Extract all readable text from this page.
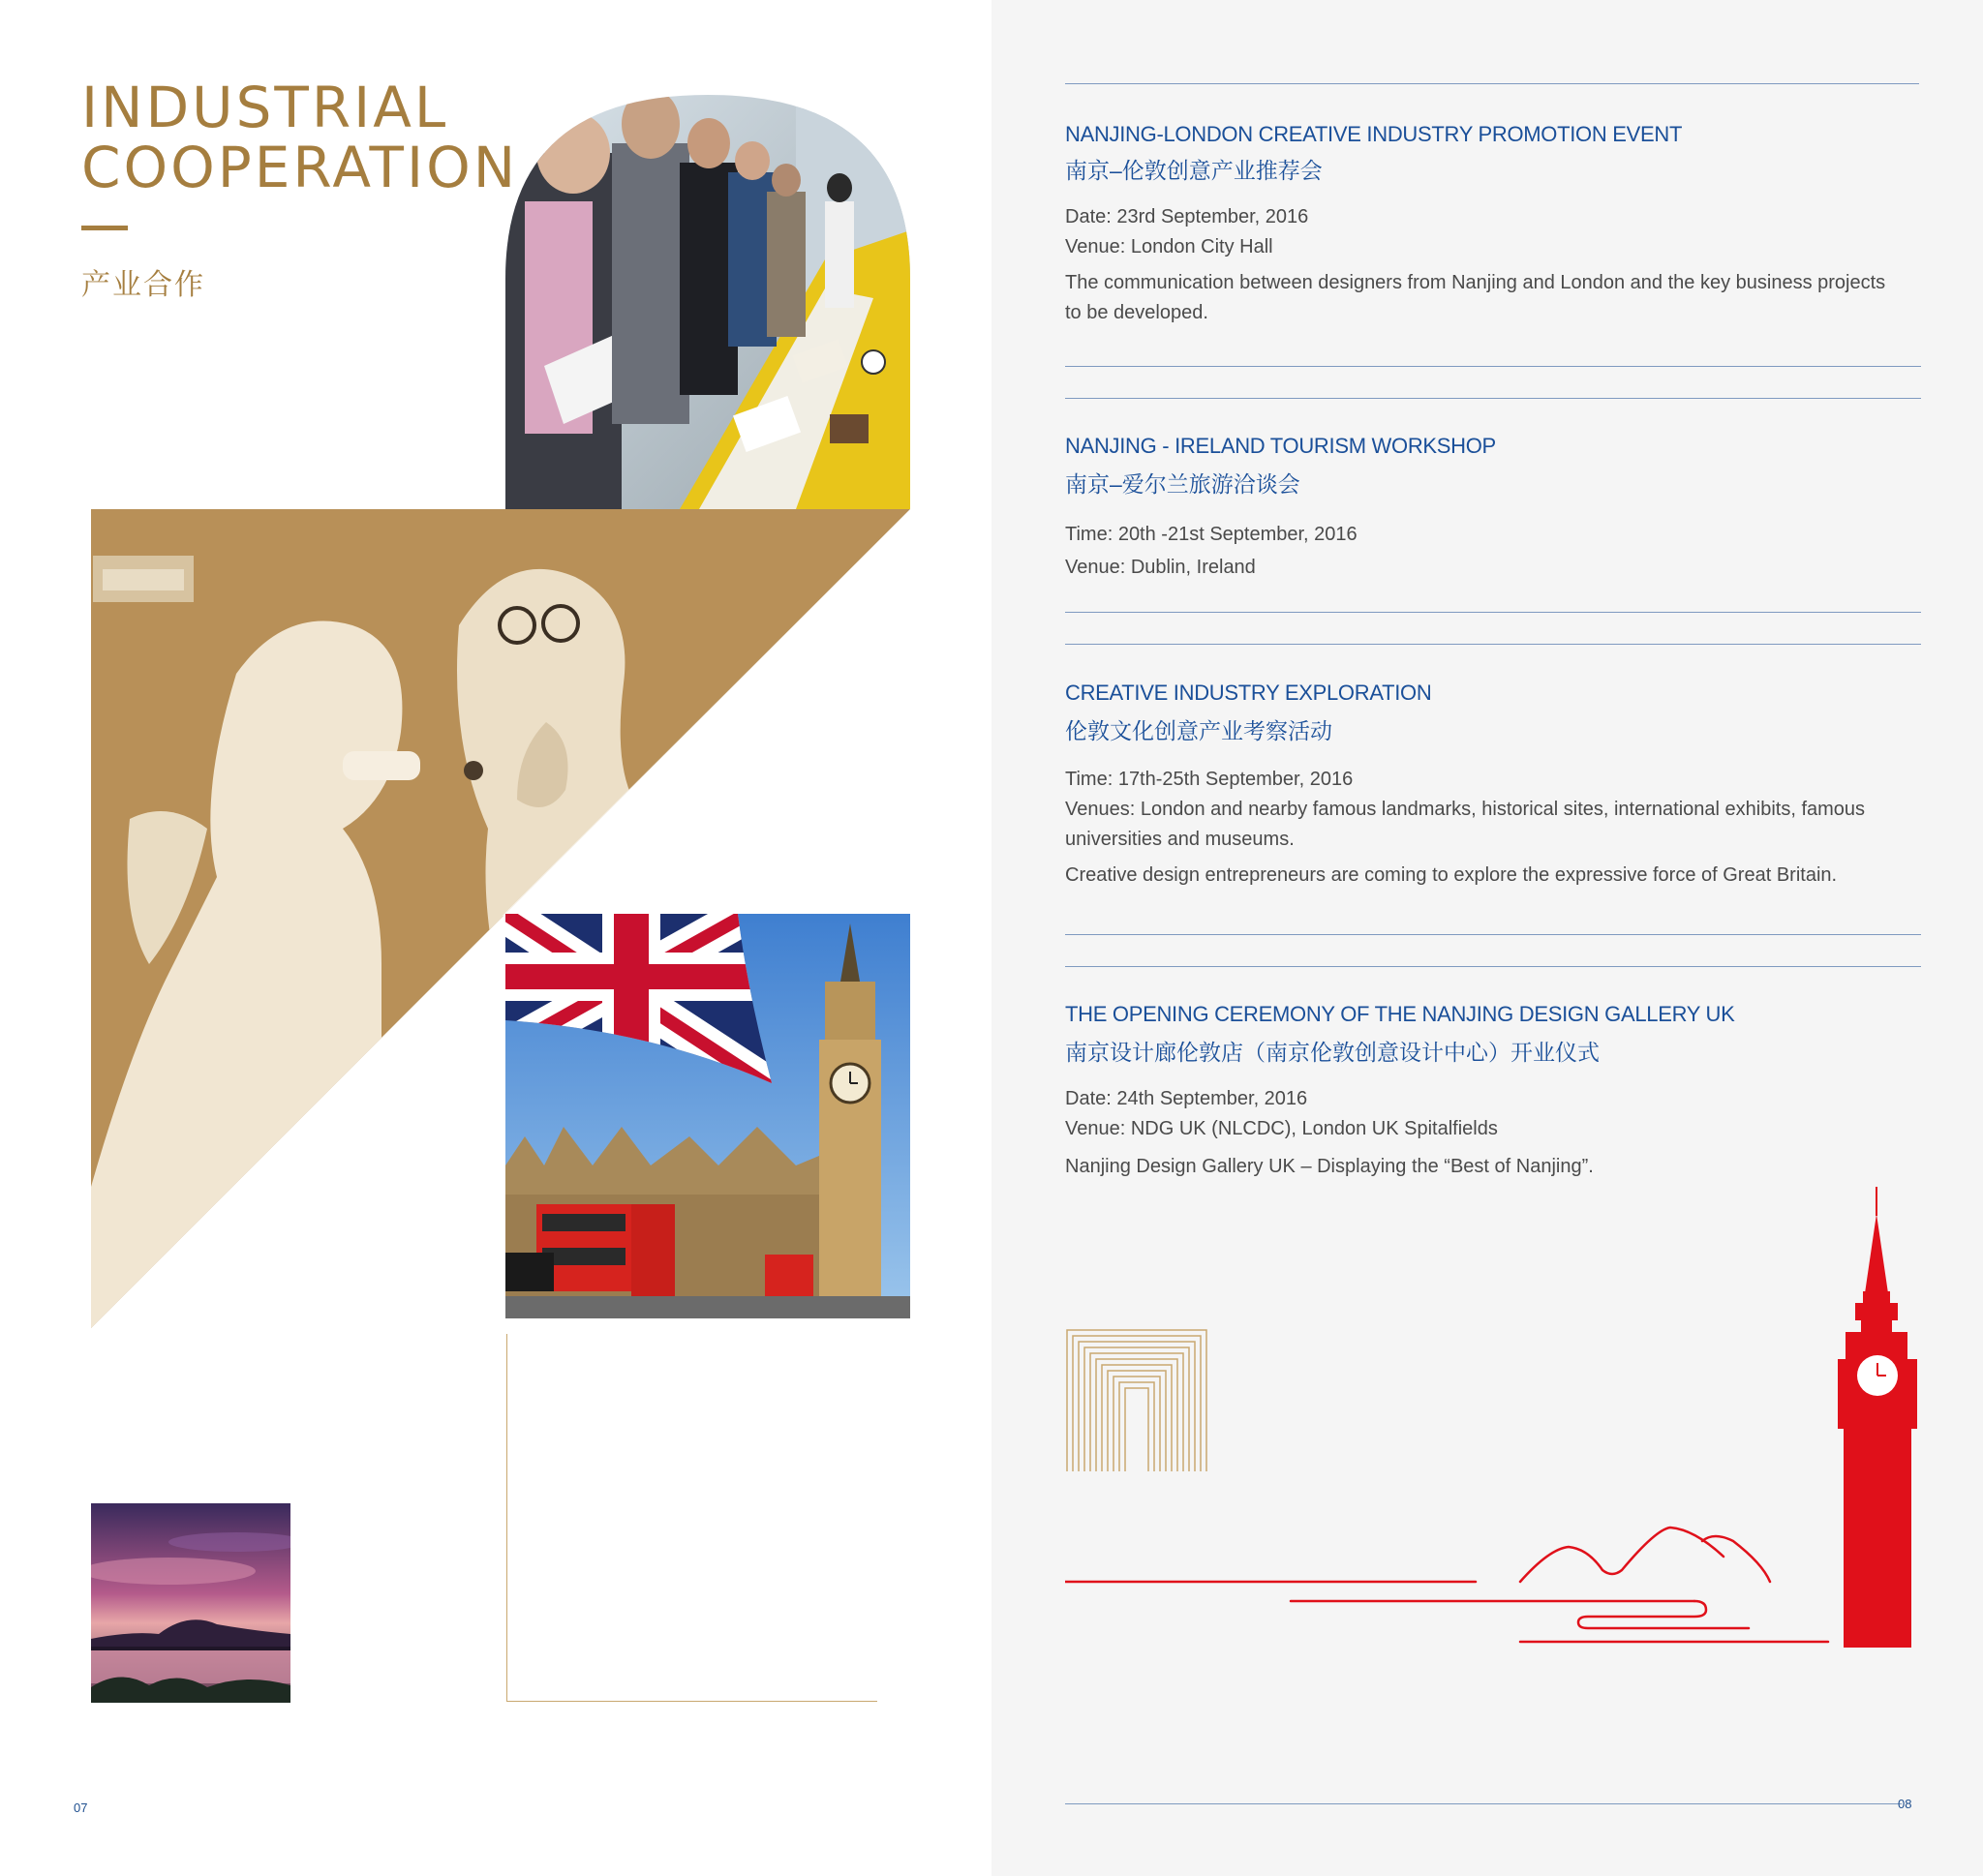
INDUSTRIAL
COOPERATION
产业合作
07
NANJING-LONDON CREATIVE INDUSTRY PROMOTION EVENT
南京–伦敦创意产业推荐会
Date: 23rd September, 2016
Venue: London City Hall
The communication between designers from Nanjing and London and the key business projects to be developed.
NANJING - IRELAND TOURISM WORKSHOP
南京–爱尔兰旅游洽谈会
Time: 20th -21st September, 2016
Venue: Dublin, Ireland
CREATIVE INDUSTRY EXPLORATION
伦敦文化创意产业考察活动
Time: 17th-25th September, 2016
Venues: London and nearby famous landmarks, historical sites, international exhibits, famous universities and museums.
Creative design entrepreneurs are coming to explore the expressive force of Great Britain.
THE OPENING CEREMONY OF THE NANJING DESIGN GALLERY UK
南京设计廊伦敦店（南京伦敦创意设计中心）开业仪式
Date: 24th September, 2016
Venue: NDG UK (NLCDC), London UK Spitalfields
Nanjing Design Gallery UK – Displaying the “Best of Nanjing”.
08
